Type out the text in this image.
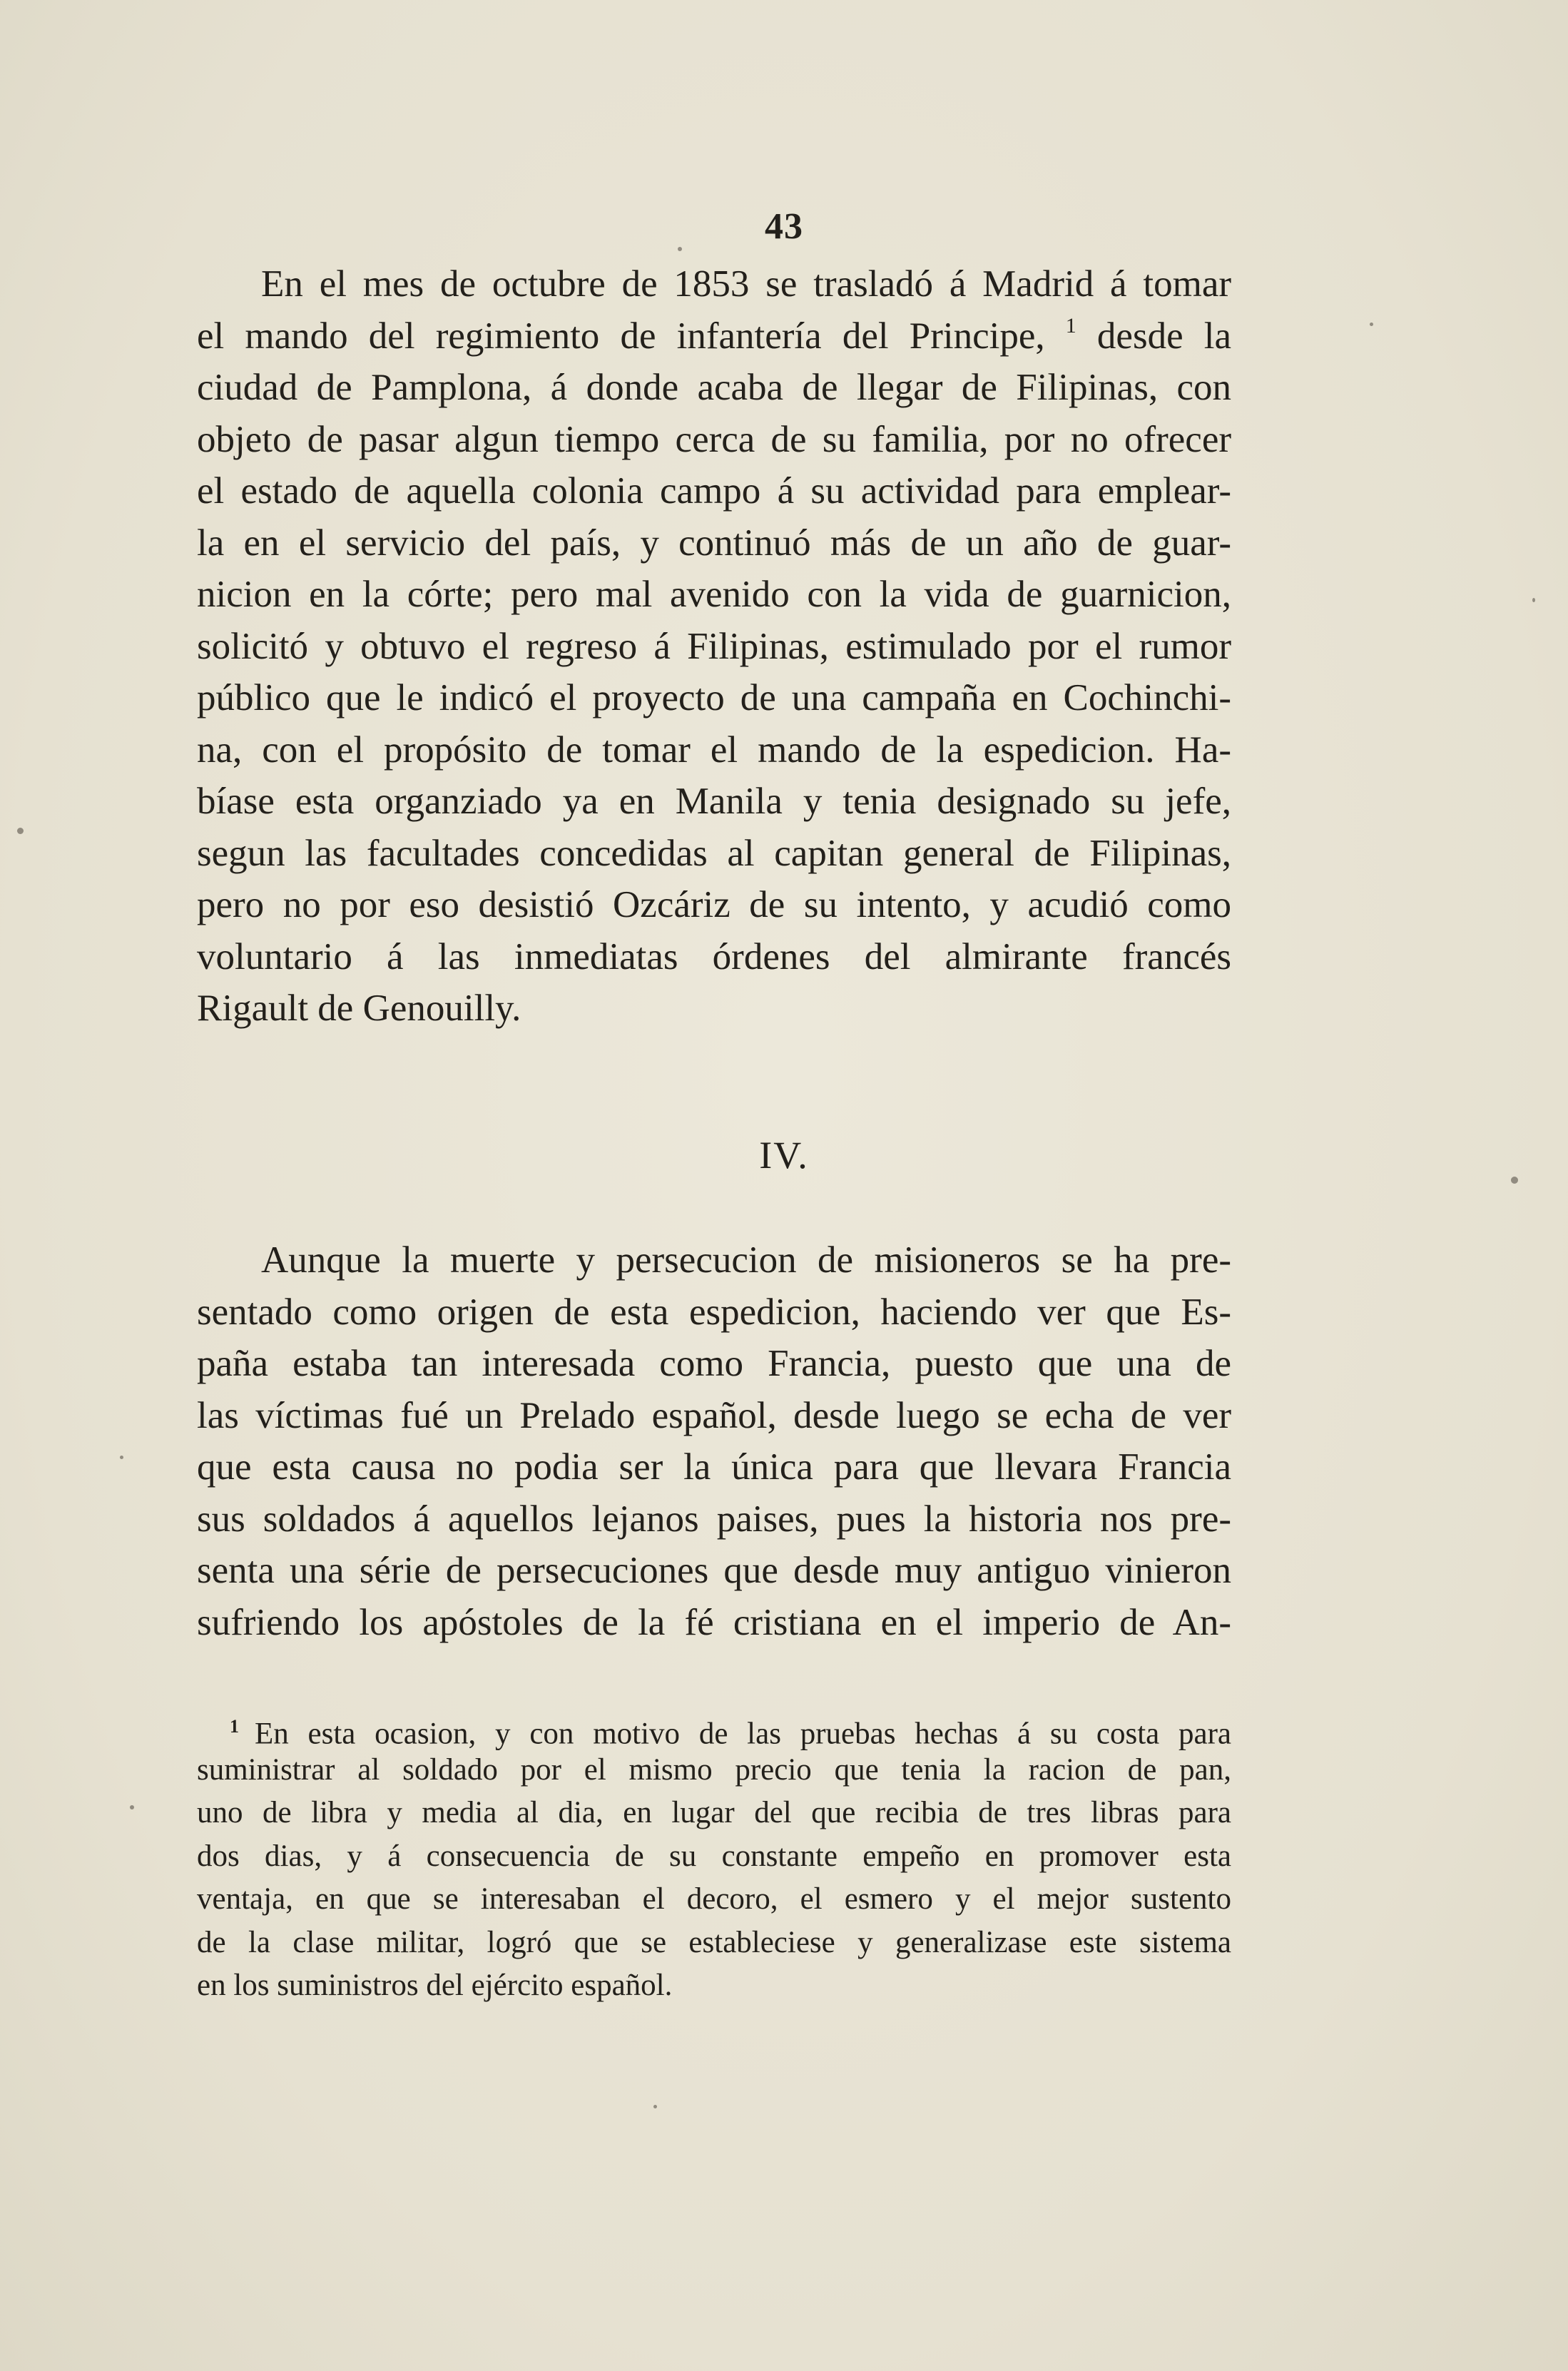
43
En el mes de octubre de 1853 se trasladó á Madrid á tomar
el mando del regimiento de infantería del Principe, $^1$ desde la
ciudad de Pamplona, á donde acaba de llegar de Filipinas, con
objeto de pasar algun tiempo cerca de su familia, por no ofrecer
el estado de aquella colonia campo á su actividad para emplear-
la en el servicio del país, y continuó más de un año de guar-
nicion en la córte; pero mal avenido con la vida de guarnicion,
solicitó y obtuvo el regreso á Filipinas, estimulado por el rumor
público que le indicó el proyecto de una campaña en Cochinchi-
na, con el propósito de tomar el mando de la espedicion. Ha-
bíase esta organziado ya en Manila y tenia designado su jefe,
segun las facultades concedidas al capitan general de Filipinas,
pero no por eso desistió Ozcáriz de su intento, y acudió como
voluntario á las inmediatas órdenes del almirante francés
Rigault de Genouilly.
IV.
Aunque la muerte y persecucion de misioneros se ha pre-
sentado como origen de esta espedicion, haciendo ver que Es-
paña estaba tan interesada como Francia, puesto que una de
las víctimas fué un Prelado español, desde luego se echa de ver
que esta causa no podia ser la única para que llevara Francia
sus soldados á aquellos lejanos paises, pues la historia nos pre-
senta una série de persecuciones que desde muy antiguo vinieron
sufriendo los apóstoles de la fé cristiana en el imperio de An-
$^1$ En esta ocasion, y con motivo de las pruebas hechas á su costa para
suministrar al soldado por el mismo precio que tenia la racion de pan,
uno de libra y media al dia, en lugar del que recibia de tres libras para
dos dias, y á consecuencia de su constante empeño en promover esta
ventaja, en que se interesaban el decoro, el esmero y el mejor sustento
de la clase militar, logró que se estableciese y generalizase este sistema
en los suministros del ejército español.
